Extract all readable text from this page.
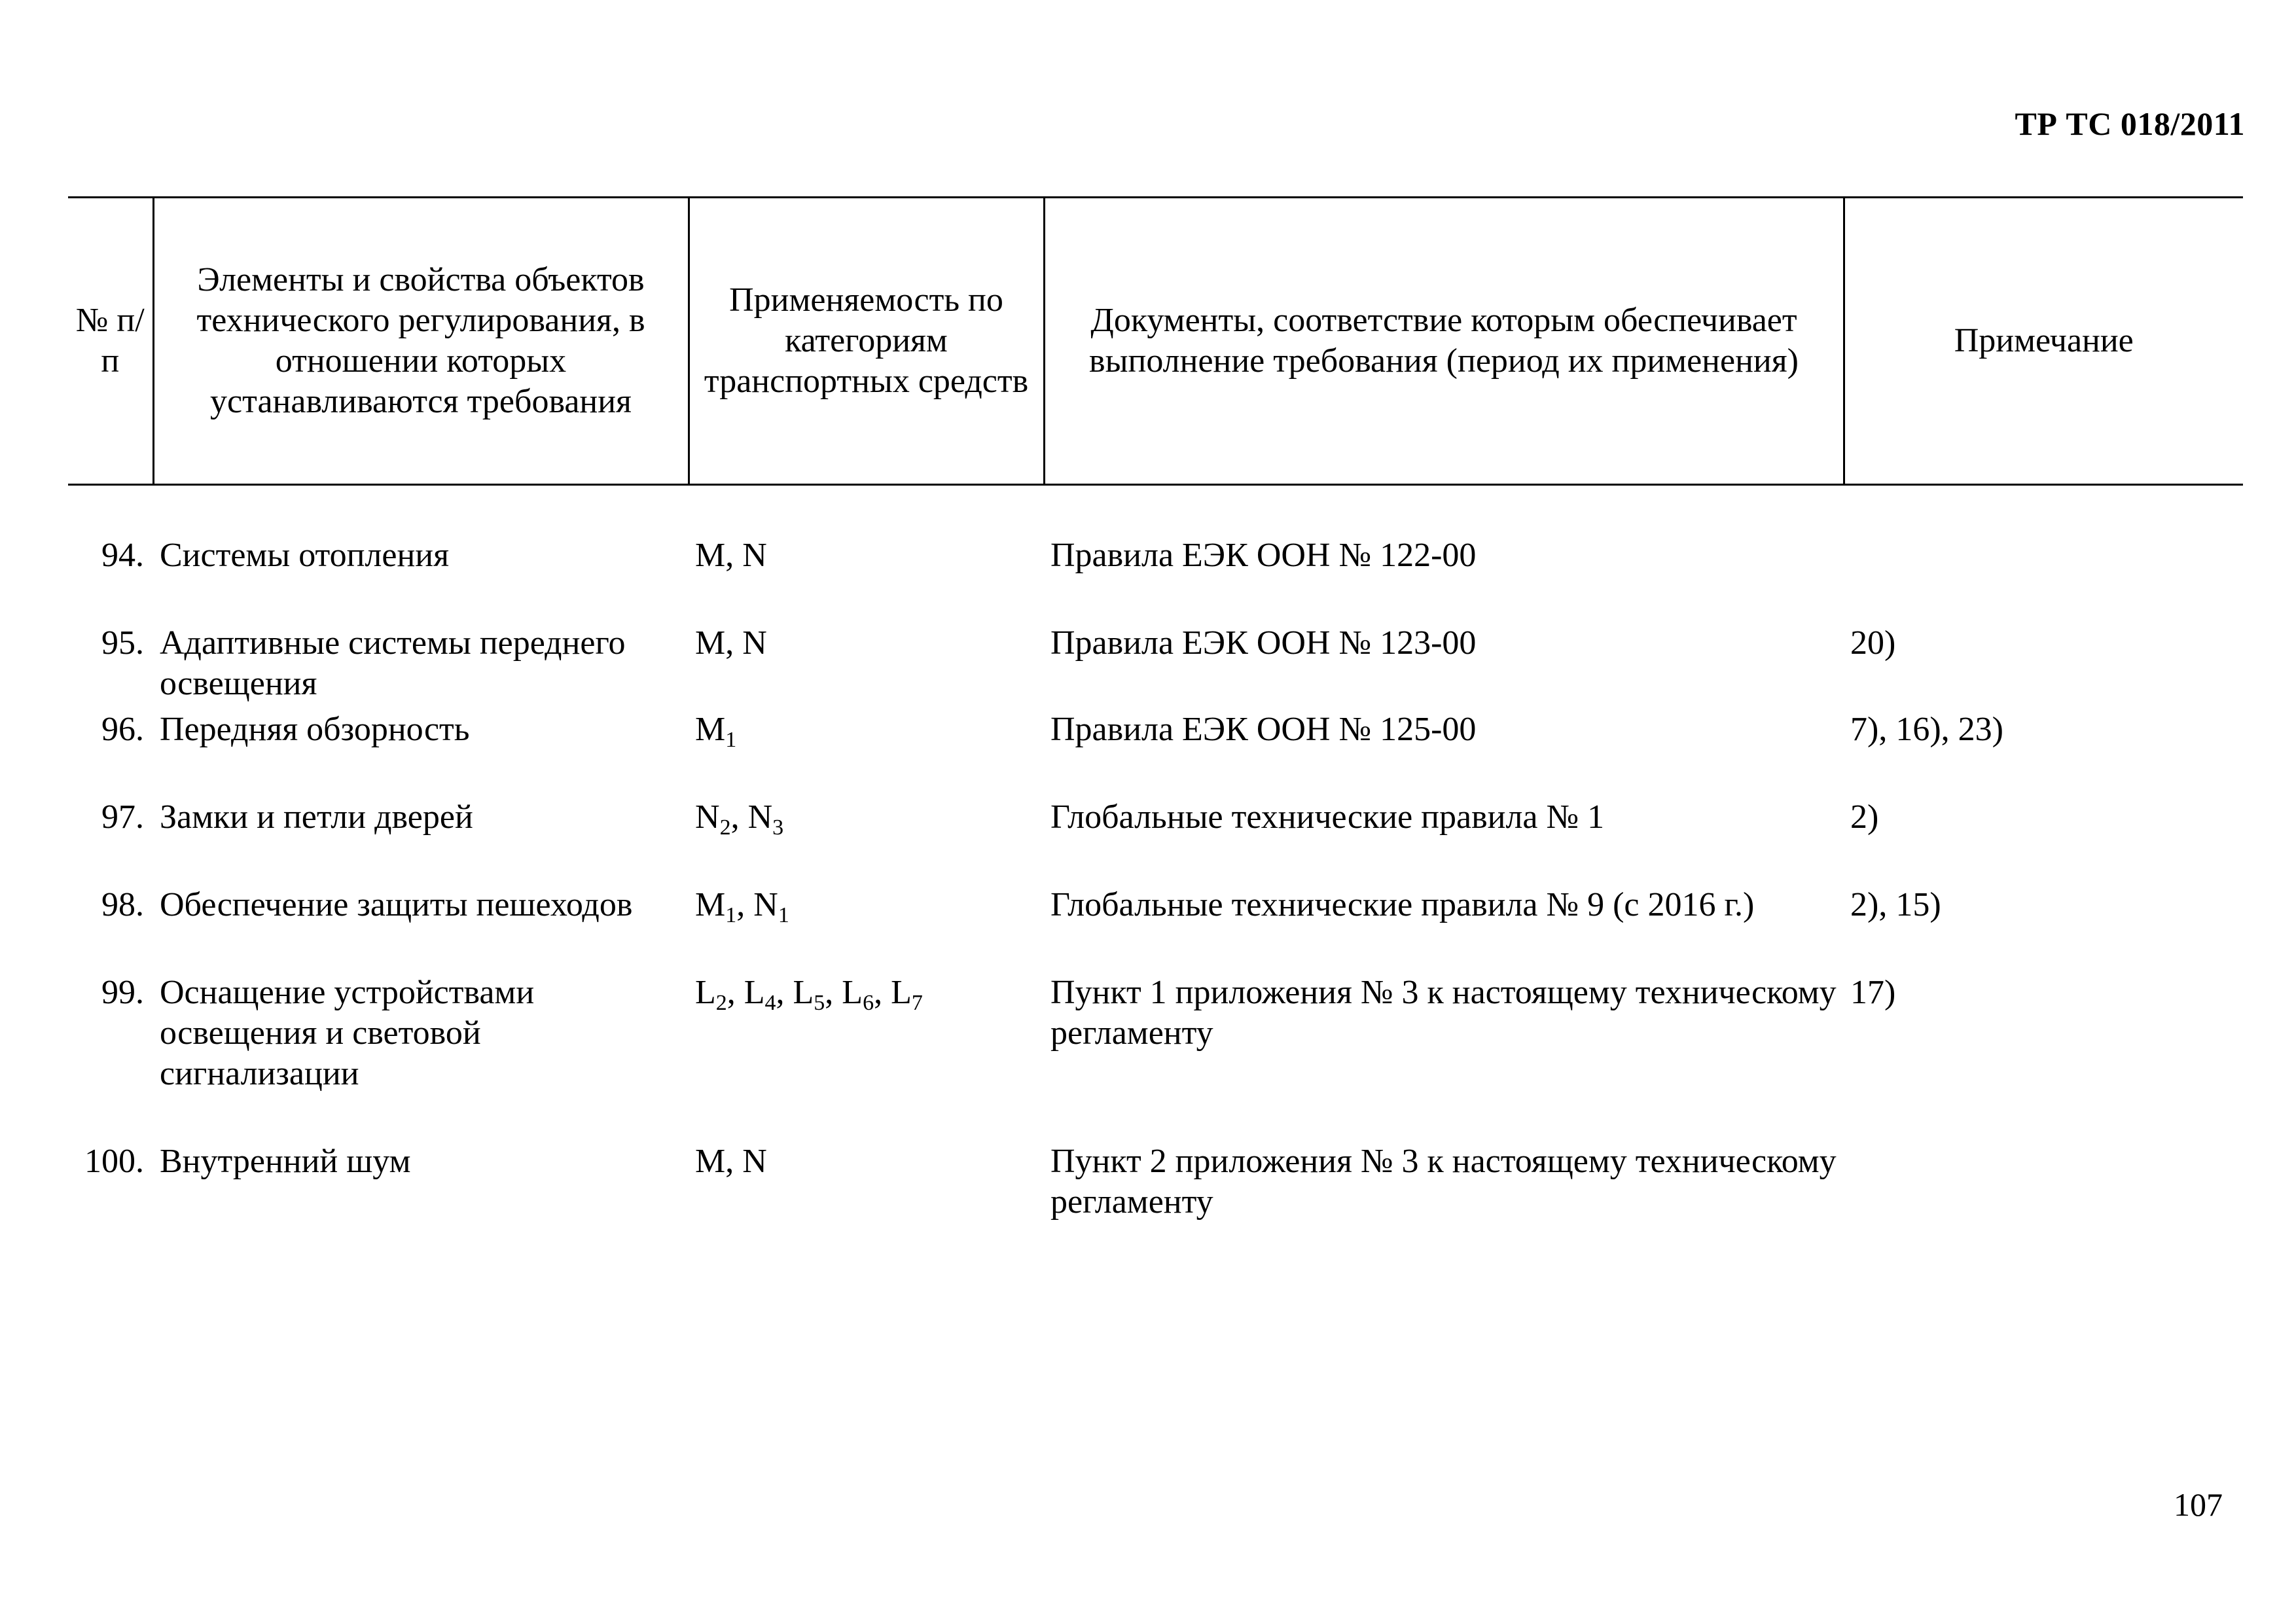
ТР ТС 018/2011
№ п/п	Элементы и свойства объектов технического регулирования, в отношении которых устанавливаются требования	Применяемость по категориям транспортных средств	Документы, соответствие которым обеспечивает выполнение требования (период их применения)	Примечание
94.	Системы отопления	M, N	Правила ЕЭК ООН № 122-00	
95.	Адаптивные системы переднего освещения	M, N	Правила ЕЭК ООН № 123-00	20)
96.	Передняя обзорность	$M_1$	Правила ЕЭК ООН № 125-00	7), 16), 23)
97.	Замки и петли дверей	$N_2$, $N_3$	Глобальные технические правила № 1	2)
98.	Обеспечение защиты пешеходов	$M_1$, $N_1$	Глобальные технические правила № 9 (с 2016 г.)	2), 15)
99.	Оснащение устройствами освещения и световой сигнализации	$L_2$, $L_4$, $L_5$, $L_6$, $L_7$	Пункт 1 приложения № 3 к настоящему техническому регламенту	17)
100.	Внутренний шум	M, N	Пункт 2 приложения № 3 к настоящему техническому регламенту	
107
